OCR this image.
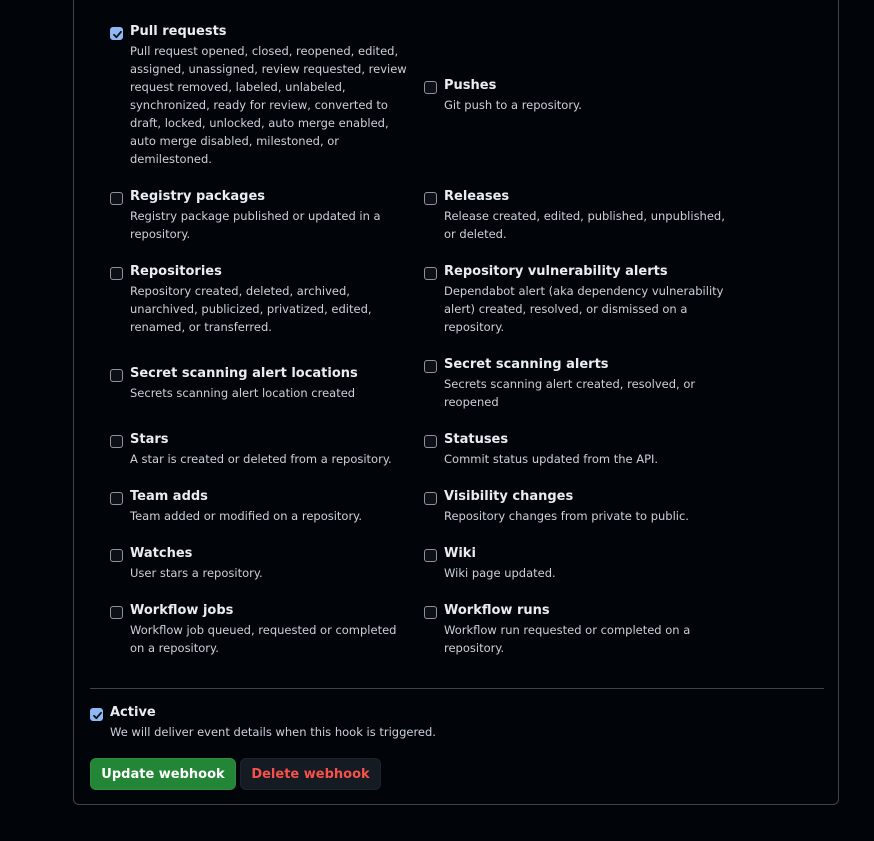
Pull requests
Pull request opened, closed, reopened, edited,
assigned, unassigned, review requested, review
request removed, labeled, unlabeled,
synchronized, ready for review, converted to
draft, locked, unlocked, auto merge enabled,
auto merge disabled, milestoned, or
demilestoned.
Registry packages
Registry package published or updated in a
repository.
Repositories
Repository created, deleted, archived,
unarchived, publicized, privatized, edited,
renamed, or transferred.
Secret scanning alert locations
Secrets scanning alert location created
Stars
A star is created or deleted from a repository.
Team adds
Team added or modified on a repository.
Watches
User stars a repository.
Workflow jobs
Workflow job queued, requested or completed
on a repository.
Pushes
Git push to a repository.
Releases
Release created, edited, published, unpublished,
or deleted.
Repository vulnerability alerts
Dependabot alert (aka dependency vulnerability
alert) created, resolved, or dismissed on a
repository.
Secret scanning alerts
Secrets scanning alert created, resolved, or
reopened
Statuses
Commit status updated from the API.
Visibility changes
Repository changes from private to public.
Wiki
Wiki page updated.
Workflow runs
Workflow run requested or completed on a
repository.
Active
We will deliver event details when this hook is triggered.
Update webhook	Delete webhook
